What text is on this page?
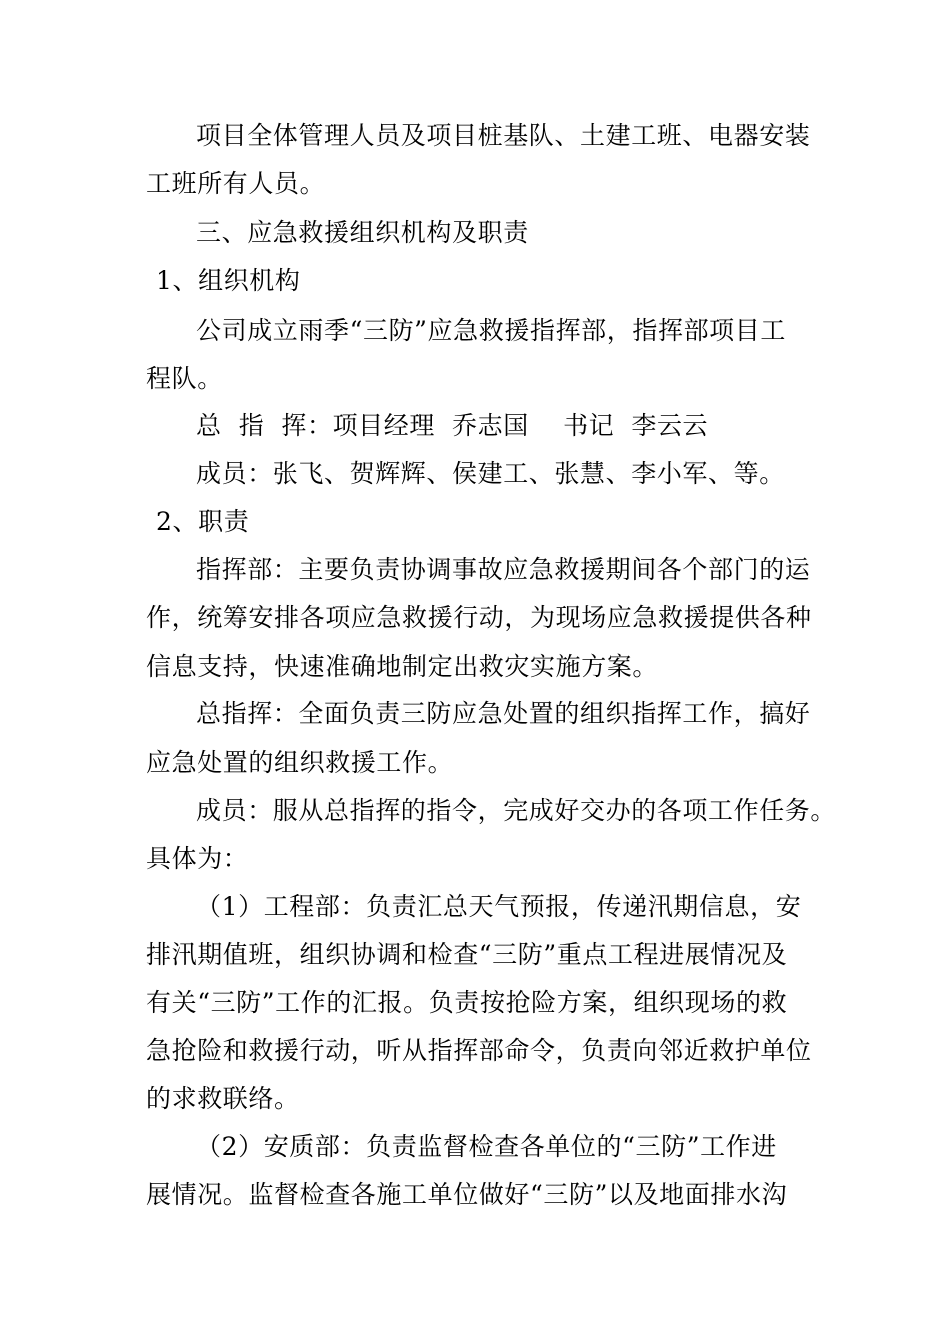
项目全体管理人员及项目桩基队、土建工班、电器安装
工班所有人员。
三、应急救援组织机构及职责
1、组织机构
公司成立雨季“三防”应急救援指挥部，指挥部项目工
程队。
总  指  挥：项目经理  乔志国    书记  李云云
成员：张飞、贺辉辉、侯建工、张慧、李小军、等。
2、职责
指挥部：主要负责协调事故应急救援期间各个部门的运
作，统筹安排各项应急救援行动，为现场应急救援提供各种
信息支持，快速准确地制定出救灾实施方案。
总指挥：全面负责三防应急处置的组织指挥工作，搞好
应急处置的组织救援工作。
成员：服从总指挥的指令，完成好交办的各项工作任务。
具体为：
（1）工程部：负责汇总天气预报，传递汛期信息，安
排汛期值班，组织协调和检查“三防”重点工程进展情况及
有关“三防”工作的汇报。负责按抢险方案，组织现场的救
急抢险和救援行动，听从指挥部命令，负责向邻近救护单位
的求救联络。
（2）安质部：负责监督检查各单位的“三防”工作进
展情况。监督检查各施工单位做好“三防”以及地面排水沟
